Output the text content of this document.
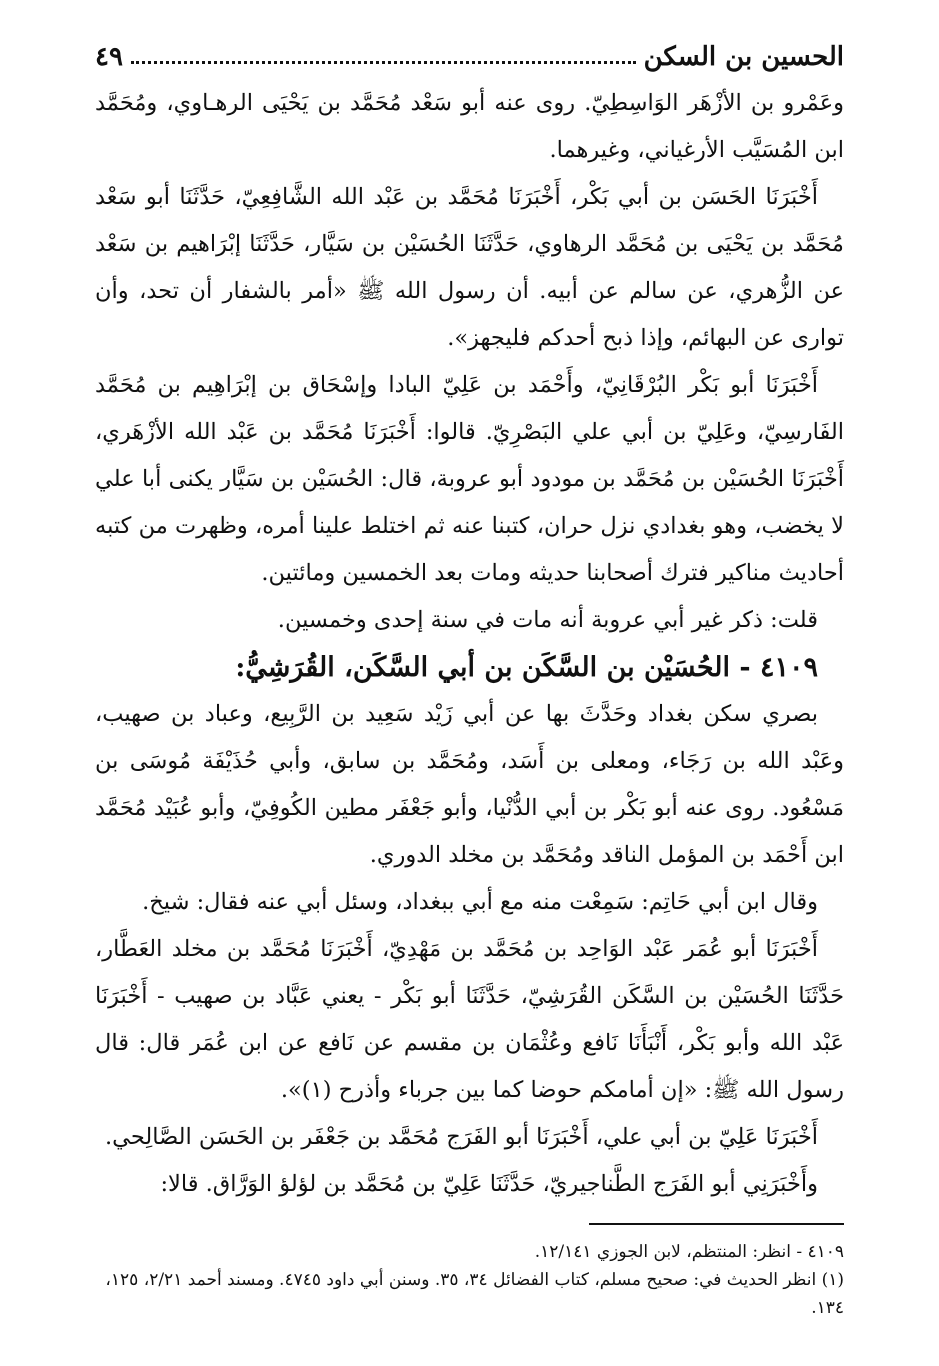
الحسين بن السكن
٤٩

وعَمْرو بن الأزْهَر الوَاسِطِيّ. روى عنه أبو سَعْد مُحَمَّد بن يَحْيَى الرهـاوي، ومُحَمَّد ابن المُسَيَّب الأرغياني، وغيرهما.

أَخْبَرَنَا الحَسَن بن أبي بَكْر، أَخْبَرَنَا مُحَمَّد بن عَبْد الله الشَّافِعِيّ، حَدَّثَنَا أبو سَعْد مُحَمَّد بن يَحْيَى بن مُحَمَّد الرهاوي، حَدَّثَنَا الحُسَيْن بن سَيَّار، حَدَّثَنَا إبْرَاهيم بن سَعْد عن الزُّهري، عن سالم عن أبيه. أن رسول الله ﷺ «أمر بالشفار أن تحد، وأن توارى عن البهائم، وإذا ذبح أحدكم فليجهز».

أَخْبَرَنَا أبو بَكْر البُرْقَانِيّ، وأَحْمَد بن عَلِيّ البادا وإسْحَاق بن إبْرَاهِيم بن مُحَمَّد الفَارسِيّ، وعَلِيّ بن أبي علي البَصْرِيّ. قالوا: أَخْبَرَنَا مُحَمَّد بن عَبْد الله الأزْهَري، أَخْبَرَنَا الحُسَيْن بن مُحَمَّد بن مودود أبو عروبة، قال: الحُسَيْن بن سَيَّار يكنى أبا علي لا يخضب، وهو بغدادي نزل حران، كتبنا عنه ثم اختلط علينا أمره، وظهرت من كتبه أحاديث مناكير فترك أصحابنا حديثه ومات بعد الخمسين ومائتين.

قلت: ذكر غير أبي عروبة أنه مات في سنة إحدى وخمسين.

٤١٠٩ - الحُسَيْن بن السَّكَن بن أبي السَّكَن، القُرَشِيُّ:

بصري سكن بغداد وحَدَّثَ بها عن أبي زَيْد سَعِيد بن الرَّبِيع، وعباد بن صهيب، وعَبْد الله بن رَجَاء، ومعلى بن أَسَد، ومُحَمَّد بن سابق، وأبي حُذَيْفَة مُوسَى بن مَسْعُود. روى عنه أبو بَكْر بن أبي الدُّنْيا، وأبو جَعْفَر مطين الكُوفِيّ، وأبو عُبَيْد مُحَمَّد ابن أَحْمَد بن المؤمل الناقد ومُحَمَّد بن مخلد الدوري.

وقال ابن أبي حَاتِم: سَمِعْت منه مع أبي ببغداد، وسئل أبي عنه فقال: شيخ.

أَخْبَرَنَا أبو عُمَر عَبْد الوَاحِد بن مُحَمَّد بن مَهْدِيّ، أَخْبَرَنَا مُحَمَّد بن مخلد العَطَّار، حَدَّثَنَا الحُسَيْن بن السَّكَن القُرَشِيّ، حَدَّثَنَا أبو بَكْر - يعني عَبَّاد بن صهيب - أَخْبَرَنَا عَبْد الله وأبو بَكْر، أَنْبَأَنَا نَافع وعُثْمَان بن مقسم عن نَافع عن ابن عُمَر قال: قال رسول الله ﷺ: «إن أمامكم حوضا كما بين جرباء وأذرح (١)».

أَخْبَرَنَا عَلِيّ بن أبي علي، أَخْبَرَنَا أبو الفَرَج مُحَمَّد بن جَعْفَر بن الحَسَن الصَّالِحي.

وأَخْبَرَنِي أبو الفَرَج الطَّناجيريّ، حَدَّثَنَا عَلِيّ بن مُحَمَّد بن لؤلؤ الوَرَّاق. قالا:

٤١٠٩ - انظر: المنتظم، لابن الجوزي ١٢/١٤١.

(١) انظر الحديث في: صحيح مسلم، كتاب الفضائل ٣٤، ٣٥. وسنن أبي داود ٤٧٤٥. ومسند أحمد ٢/٢١، ١٢٥، ١٣٤.
